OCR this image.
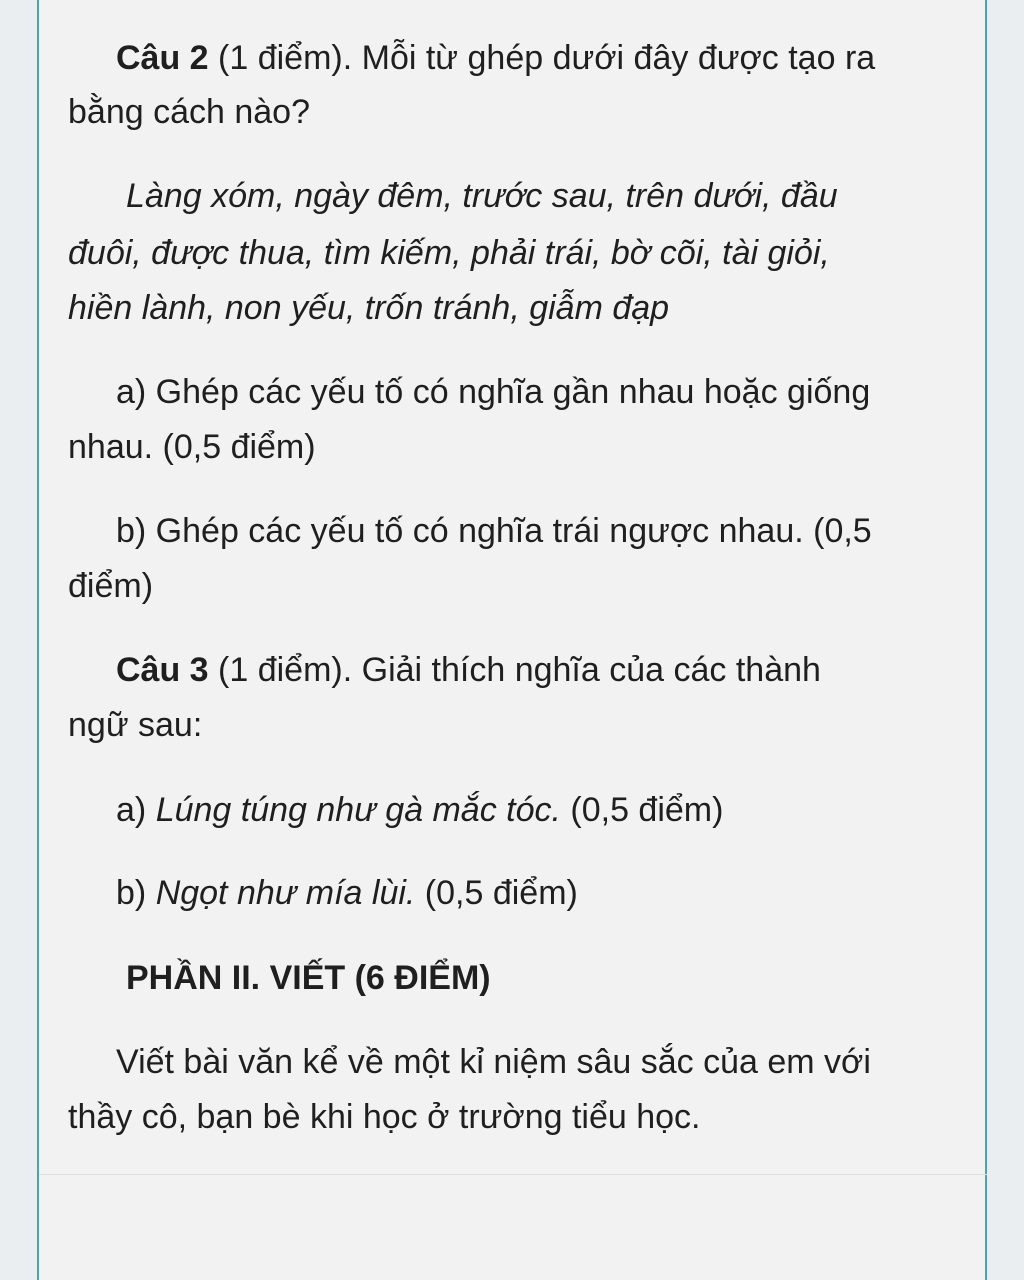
Câu 2 (1 điểm). Mỗi từ ghép dưới đây được tạo ra
bằng cách nào?
Làng xóm, ngày đêm, trước sau, trên dưới, đầu
đuôi, được thua, tìm kiếm, phải trái, bờ cõi, tài giỏi,
hiền lành, non yếu, trốn tránh, giẫm đạp
a) Ghép các yếu tố có nghĩa gần nhau hoặc giống
nhau. (0,5 điểm)
b) Ghép các yếu tố có nghĩa trái ngược nhau. (0,5
điểm)
Câu 3 (1 điểm). Giải thích nghĩa của các thành
ngữ sau:
a) Lúng túng như gà mắc tóc. (0,5 điểm)
b) Ngọt như mía lùi. (0,5 điểm)
PHẦN II. VIẾT (6 ĐIỂM)
Viết bài văn kể về một kỉ niệm sâu sắc của em với
thầy cô, bạn bè khi học ở trường tiểu học.
